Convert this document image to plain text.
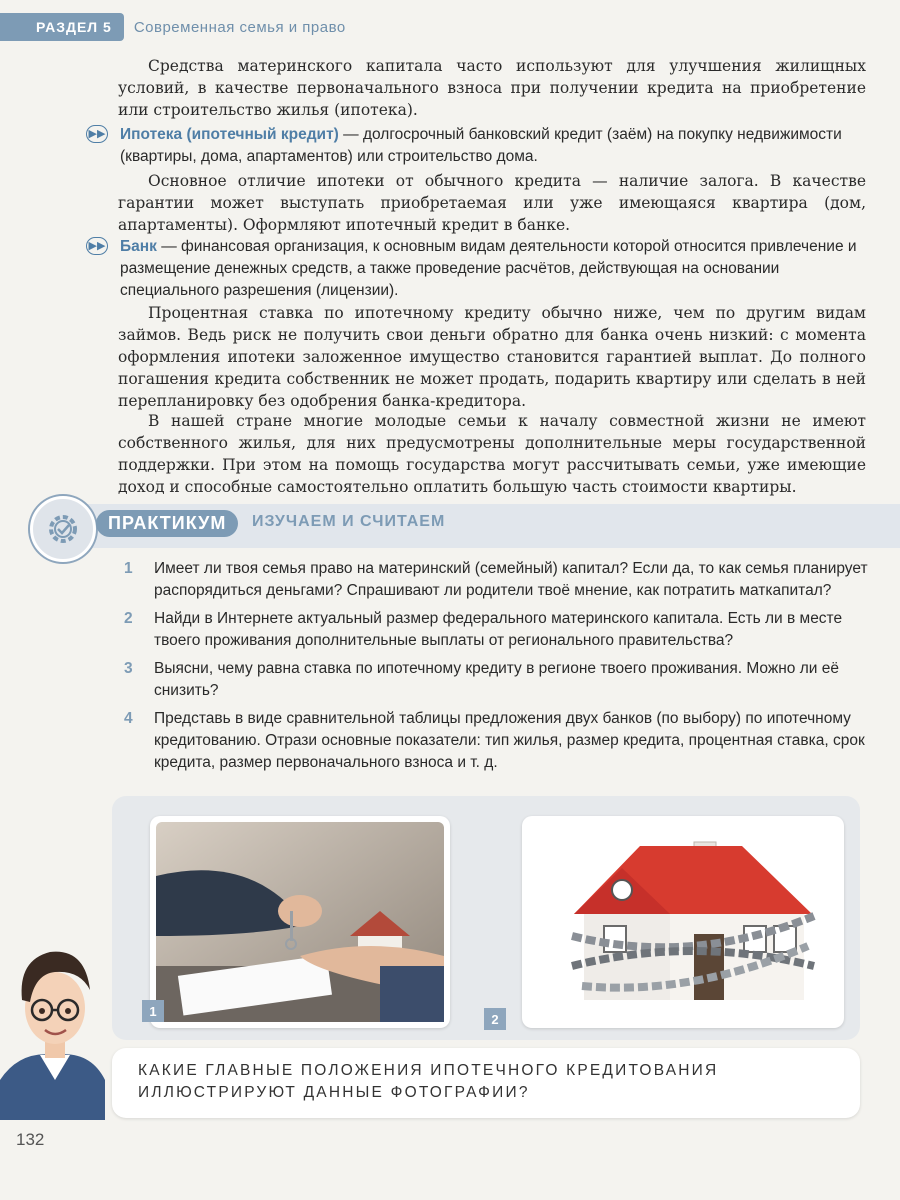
РАЗДЕЛ 5	Современная семья и право

Средства материнского капитала часто используют для улучшения жилищных условий, в качестве первоначального взноса при получении кредита на приобретение или строительство жилья (ипотека).

▶▶ Ипотека (ипотечный кредит) — долгосрочный банковский кредит (заём) на покупку недвижимости (квартиры, дома, апартаментов) или строительство дома.

Основное отличие ипотеки от обычного кредита — наличие залога. В качестве гарантии может выступать приобретаемая или уже имеющаяся квартира (дом, апартаменты). Оформляют ипотечный кредит в банке.

▶▶ Банк — финансовая организация, к основным видам деятельности которой относится привлечение и размещение денежных средств, а также проведение расчётов, действующая на основании специального разрешения (лицензии).

Процентная ставка по ипотечному кредиту обычно ниже, чем по другим видам займов. Ведь риск не получить свои деньги обратно для банка очень низкий: с момента оформления ипотеки заложенное имущество становится гарантией выплат. До полного погашения кредита собственник не может продать, подарить квартиру или сделать в ней перепланировку без одобрения банка-кредитора.

В нашей стране многие молодые семьи к началу совместной жизни не имеют собственного жилья, для них предусмотрены дополнительные меры государственной поддержки. При этом на помощь государства могут рассчитывать семьи, уже имеющие доход и способные самостоятельно оплатить большую часть стоимости квартиры.

ПРАКТИКУМ	ИЗУЧАЕМ И СЧИТАЕМ
1 Имеет ли твоя семья право на материнский (семейный) капитал? Если да, то как семья планирует распорядиться деньгами? Спрашивают ли родители твоё мнение, как потратить маткапитал?
2 Найди в Интернете актуальный размер федерального материнского капитала. Есть ли в месте твоего проживания дополнительные выплаты от регионального правительства?
3 Выясни, чему равна ставка по ипотечному кредиту в регионе твоего проживания. Можно ли её снизить?
4 Представь в виде сравнительной таблицы предложения двух банков (по выбору) по ипотечному кредитованию. Отрази основные показатели: тип жилья, размер кредита, процентная ставка, срок кредита, размер первоначального взноса и т. д.
1
2
КАКИЕ ГЛАВНЫЕ ПОЛОЖЕНИЯ ИПОТЕЧНОГО КРЕДИТОВАНИЯ ИЛЛЮСТРИРУЮТ ДАННЫЕ ФОТОГРАФИИ?
132
